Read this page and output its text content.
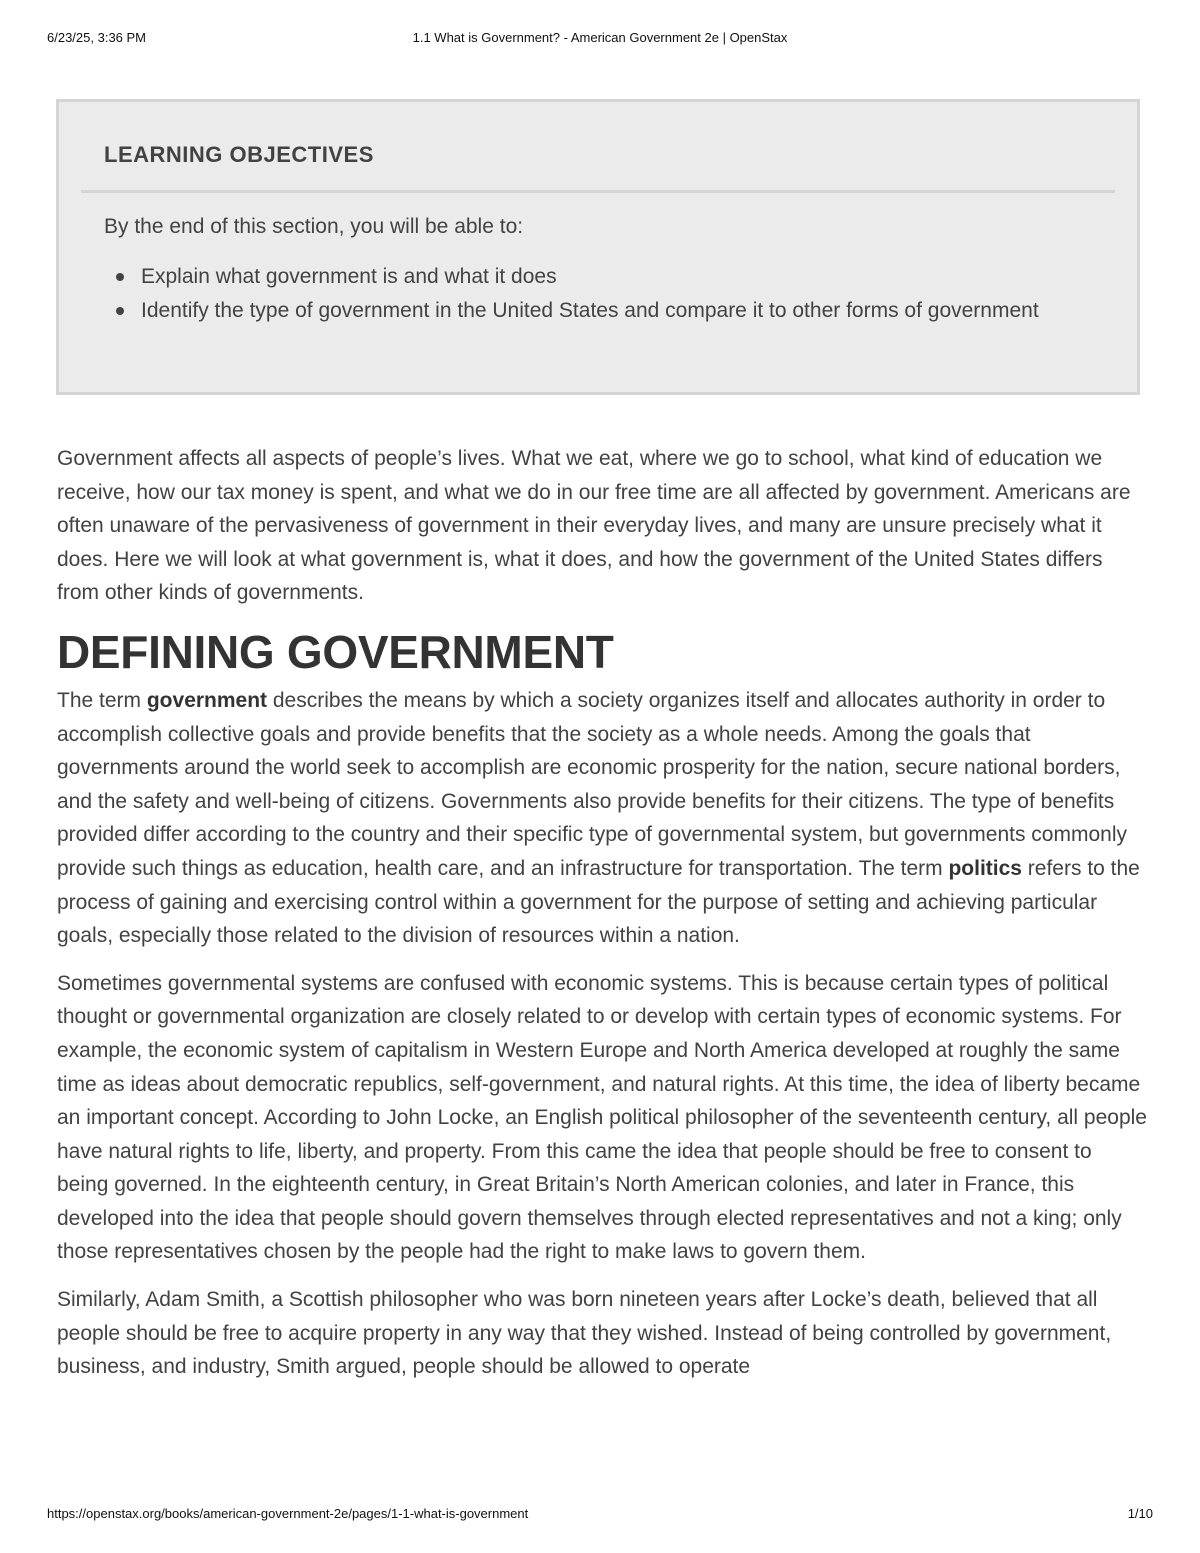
6/23/25, 3:36 PM	1.1 What is Government? - American Government 2e | OpenStax
LEARNING OBJECTIVES

By the end of this section, you will be able to:

Explain what government is and what it does
Identify the type of government in the United States and compare it to other forms of government

Government affects all aspects of people’s lives. What we eat, where we go to school, what kind of education we receive, how our tax money is spent, and what we do in our free time are all affected by government. Americans are often unaware of the pervasiveness of government in their everyday lives, and many are unsure precisely what it does. Here we will look at what government is, what it does, and how the government of the United States differs from other kinds of governments.

DEFINING GOVERNMENT

The term government describes the means by which a society organizes itself and allocates authority in order to accomplish collective goals and provide benefits that the society as a whole needs. Among the goals that governments around the world seek to accomplish are economic prosperity for the nation, secure national borders, and the safety and well-being of citizens. Governments also provide benefits for their citizens. The type of benefits provided differ according to the country and their specific type of governmental system, but governments commonly provide such things as education, health care, and an infrastructure for transportation. The term politics refers to the process of gaining and exercising control within a government for the purpose of setting and achieving particular goals, especially those related to the division of resources within a nation.

Sometimes governmental systems are confused with economic systems. This is because certain types of political thought or governmental organization are closely related to or develop with certain types of economic systems. For example, the economic system of capitalism in Western Europe and North America developed at roughly the same time as ideas about democratic republics, self-government, and natural rights. At this time, the idea of liberty became an important concept. According to John Locke, an English political philosopher of the seventeenth century, all people have natural rights to life, liberty, and property. From this came the idea that people should be free to consent to being governed. In the eighteenth century, in Great Britain’s North American colonies, and later in France, this developed into the idea that people should govern themselves through elected representatives and not a king; only those representatives chosen by the people had the right to make laws to govern them.

Similarly, Adam Smith, a Scottish philosopher who was born nineteen years after Locke’s death, believed that all people should be free to acquire property in any way that they wished. Instead of being controlled by government, business, and industry, Smith argued, people should be allowed to operate

https://openstax.org/books/american-government-2e/pages/1-1-what-is-government	1/10
